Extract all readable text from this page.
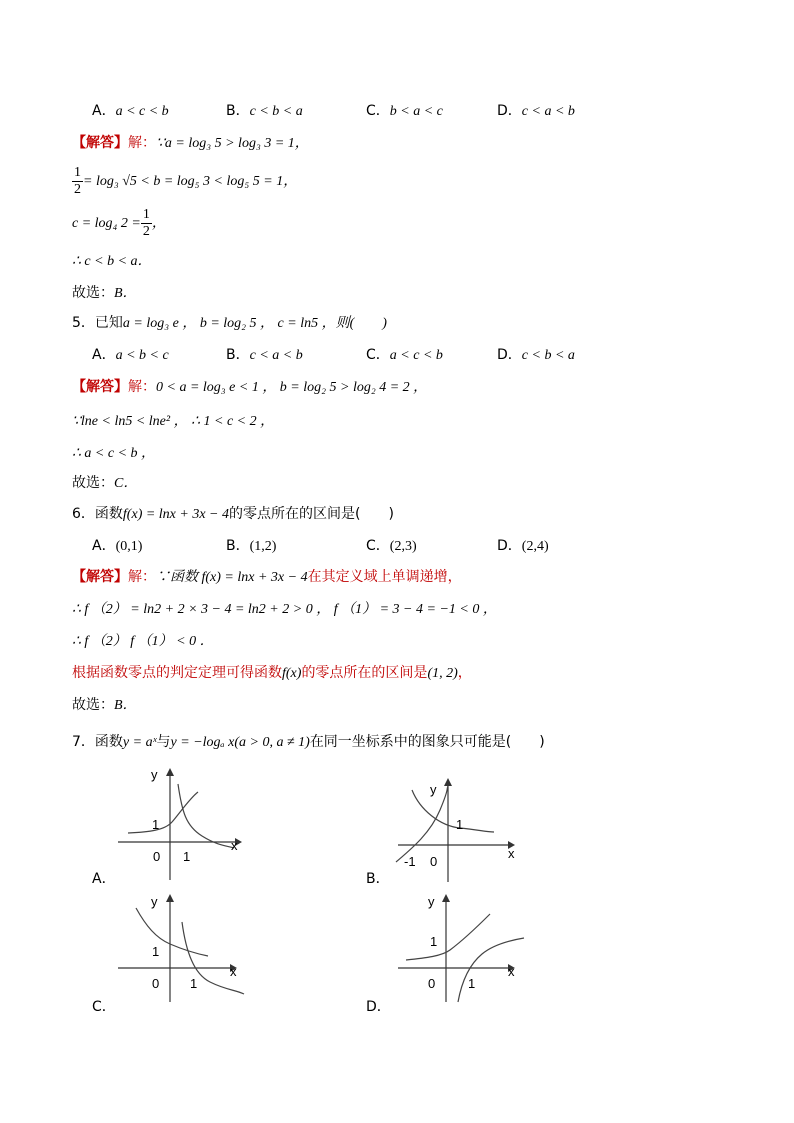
A．a < c < b	B．c < b < a	C．b < a < c	D．c < a < b
【解答】解：∵a = log₃ 5 > log₃ 3 = 1，
$\frac{1}{2} = \log_3$ √5 < b = log₅ 3 < log₅ 5 = 1，
c = log₄ $2 = \frac{1}{2}$ ，
∴ c < b < a．
故选：B．
5．已知a = log₃ e ， b = log₂ 5 ， c = ln5 ，则(　　)
A．a < b < c	B．c < a < b	C．a < c < b	D．c < b < a
【解答】解：0 < a = log₃ e < 1 ， b = log₂ 5 > log₂ 4 = 2 ，
∵lne < ln5 < lne² ， ∴ 1 < c < 2 ，
∴ a < c < b ，
故选：C．
6．函数f(x) = lnx + 3x − 4的零点所在的区间是(　　)
A．(0,1)	B．(1,2)	C．(2,3)	D．(2,4)
【解答】解：∵函数 f(x) = lnx + 3x − 4在其定义域上单调递增，
∴ f （2） = ln2 + 2 × 3 − 4 = ln2 + 2 > 0 ， f （1） = 3 − 4 = −1 < 0 ，
∴ f （2） f （1） < 0 ．
根据函数零点的判定定理可得函数f(x)的零点所在的区间是(1, 2)，
故选：B．
7．函数y = aˣ与y = −logₐ x(a > 0, a ≠ 1)在同一坐标系中的图象只可能是(　　)
y
x
1
0 1
A．
y
x
1
0
-1
B．
y
x
1
0 1
C．
y
x
1
0	1
D．
